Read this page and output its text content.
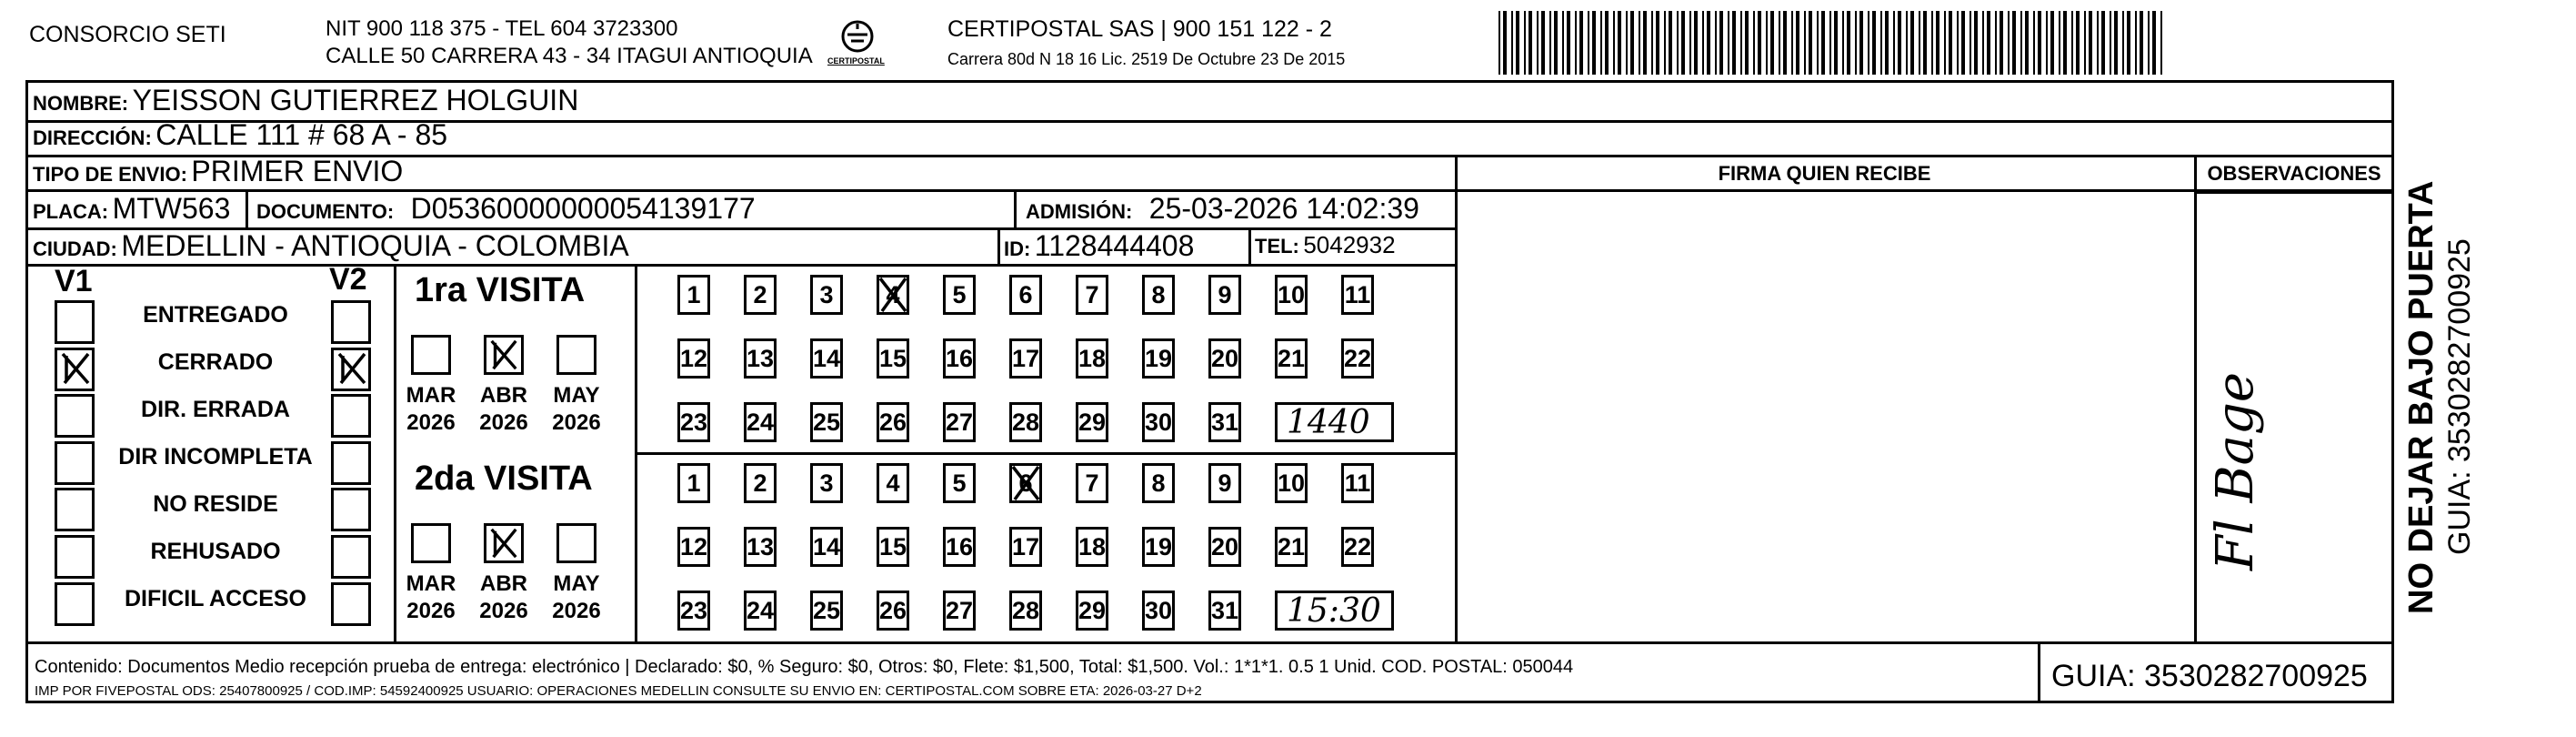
CONSORCIO SETI	NIT 900 118 375 - TEL 604 3723300
CALLE 50 CARRERA 43 - 34 ITAGUI ANTIOQUIA CERTIPOSTAL
CERTIPOSTAL SAS | 900 151 122 - 2
Carrera 80d N 18 16 Lic. 2519 De Octubre 23 De 2015
NOMBRE: YEISSON GUTIERREZ HOLGUIN
DIRECCIÓN: CALLE 111 # 68 A - 85
TIPO DE ENVIO: PRIMER ENVIO	FIRMA QUIEN RECIBE	OBSERVACIONES
PLACA: MTW563 DOCUMENTO: D05360000000054139177	ADMISIÓN: 25-03-2026 14:02:39
CIUDAD: MEDELLIN - ANTIOQUIA - COLOMBIA	ID: 1128444408	TEL: 5042932
V1	V2
ENTREGADO
CERRADO
DIR. ERRADA
DIR INCOMPLETA
NO RESIDE
REHUSADO
DIFICIL ACCESO
1ra VISITA
MAR
2026
ABR
2026
MAY
2026
1	2	3	4	5	6	7	8	9	10 11
12 13 14 15 16 17 18 19 20 21 22
23 24 25 26 27 28 29 30 31 1440
2da VISITA
MAR
2026
ABR
2026
MAY
2026
1	2	3	4	5	6	7	8	9	10 11
12 13 14 15 16 17 18 19 20 21 22
23 24 25 26 27 28 29 30 31 15:30
Fl Bage
Contenido: Documentos Medio recepción prueba de entrega: electrónico | Declarado: $0, % Seguro: $0, Otros: $0, Flete: $1,500, Total: $1,500. Vol.: 1*1*1. 0.5 1 Unid. COD. POSTAL: 050044
IMP POR FIVEPOSTAL ODS: 25407800925 / COD.IMP: 54592400925 USUARIO: OPERACIONES MEDELLIN CONSULTE SU ENVIO EN: CERTIPOSTAL.COM SOBRE ETA: 2026-03-27 D+2	GUIA: 3530282700925
NO DEJAR BAJO PUERTA GUIA: 3530282700925
